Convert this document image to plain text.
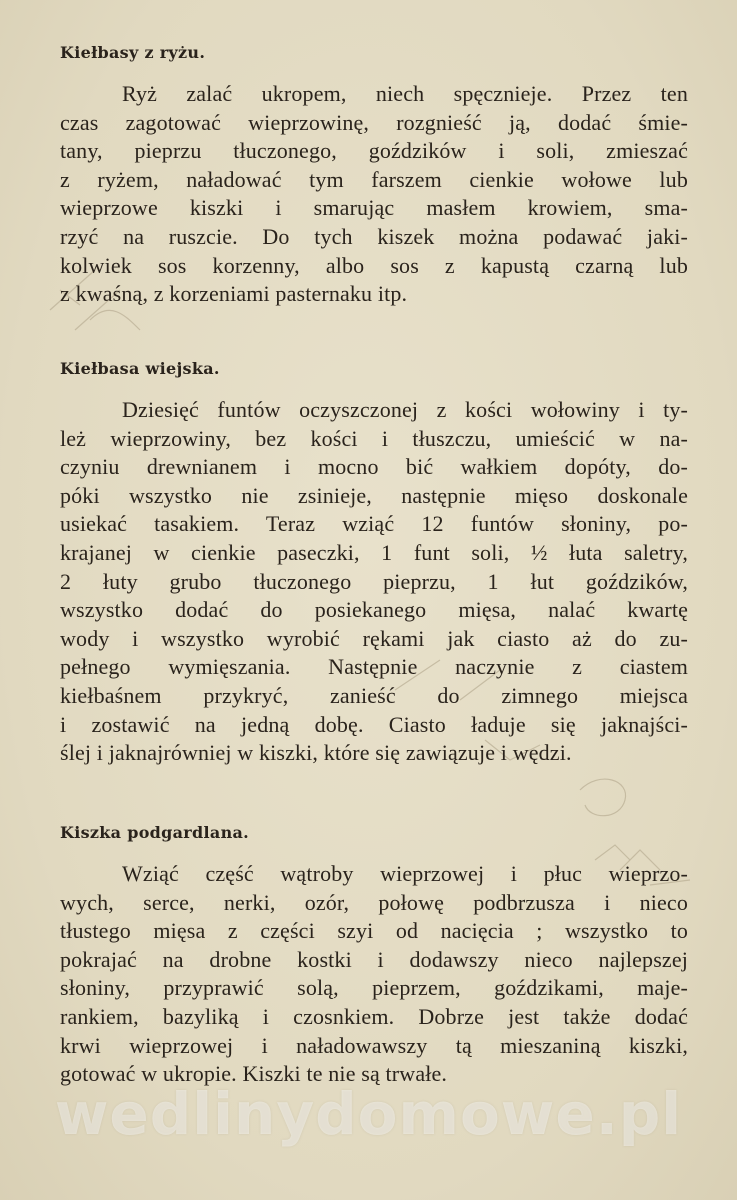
Kiełbasy z ryżu.
Ryż zalać ukropem, niech spęcznieje. Przez ten
czas zagotować wieprzowinę, rozgnieść ją, dodać śmie-
tany, pieprzu tłuczonego, goździków i soli, zmieszać
z ryżem, naładować tym farszem cienkie wołowe lub
wieprzowe kiszki i smarując masłem krowiem, sma-
rzyć na ruszcie. Do tych kiszek można podawać jaki-
kolwiek sos korzenny, albo sos z kapustą czarną lub
z kwaśną, z korzeniami pasternaku itp.
Kiełbasa wiejska.
Dziesięć funtów oczyszczonej z kości wołowiny i ty-
leż wieprzowiny, bez kości i tłuszczu, umieścić w na-
czyniu drewnianem i mocno bić wałkiem dopóty, do-
póki wszystko nie zsinieje, następnie mięso doskonale
usiekać tasakiem. Teraz wziąć 12 funtów słoniny, po-
krajanej w cienkie paseczki, 1 funt soli, ½ łuta saletry,
2 łuty grubo tłuczonego pieprzu, 1 łut goździków,
wszystko dodać do posiekanego mięsa, nalać kwartę
wody i wszystko wyrobić rękami jak ciasto aż do zu-
pełnego wymięszania. Następnie naczynie z ciastem
kiełbaśnem przykryć, zanieść do zimnego miejsca
i zostawić na jedną dobę. Ciasto ładuje się jaknajści-
ślej i jaknajrówniej w kiszki, które się zawiązuje i wędzi.
Kiszka podgardlana.
Wziąć część wątroby wieprzowej i płuc wieprzo-
wych, serce, nerki, ozór, połowę podbrzusza i nieco
tłustego mięsa z części szyi od nacięcia ; wszystko to
pokrajać na drobne kostki i dodawszy nieco najlepszej
słoniny, przyprawić solą, pieprzem, goździkami, maje-
rankiem, bazyliką i czosnkiem. Dobrze jest także dodać
krwi wieprzowej i naładowawszy tą mieszaniną kiszki,
gotować w ukropie. Kiszki te nie są trwałe.
wedlinydomowe.pl
